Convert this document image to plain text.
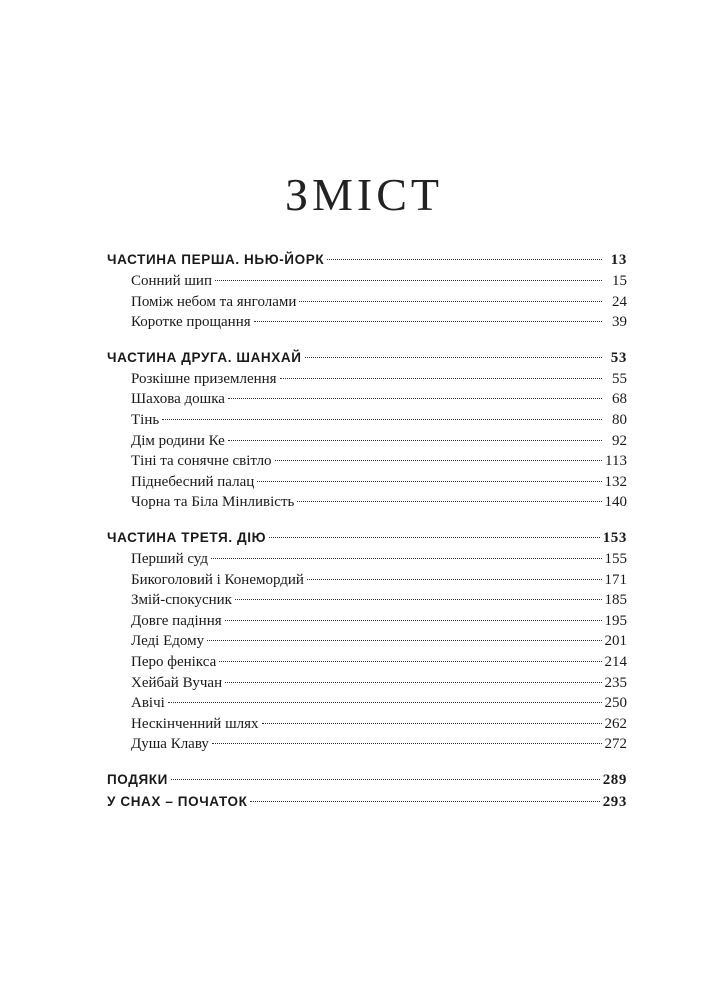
ЗМІСТ
ЧАСТИНА ПЕРША. НЬЮ-ЙОРК	13
Сонний шип	15
Поміж небом та янголами	24
Коротке прощання	39
ЧАСТИНА ДРУГА. ШАНХАЙ	53
Розкішне приземлення	55
Шахова дошка	68
Тінь	80
Дім родини Ке	92
Тіні та сонячне світло	113
Піднебесний палац	132
Чорна та Біла Мінливість	140
ЧАСТИНА ТРЕТЯ. ДІЮ	153
Перший суд	155
Бикоголовий і Конемордий	171
Змій-спокусник	185
Довге падіння	195
Леді Едому	201
Перо фенікса	214
Хейбай Вучан	235
Авічі	250
Нескінченний шлях	262
Душа Клаву	272
ПОДЯКИ	289
У СНАХ – ПОЧАТОК	293
